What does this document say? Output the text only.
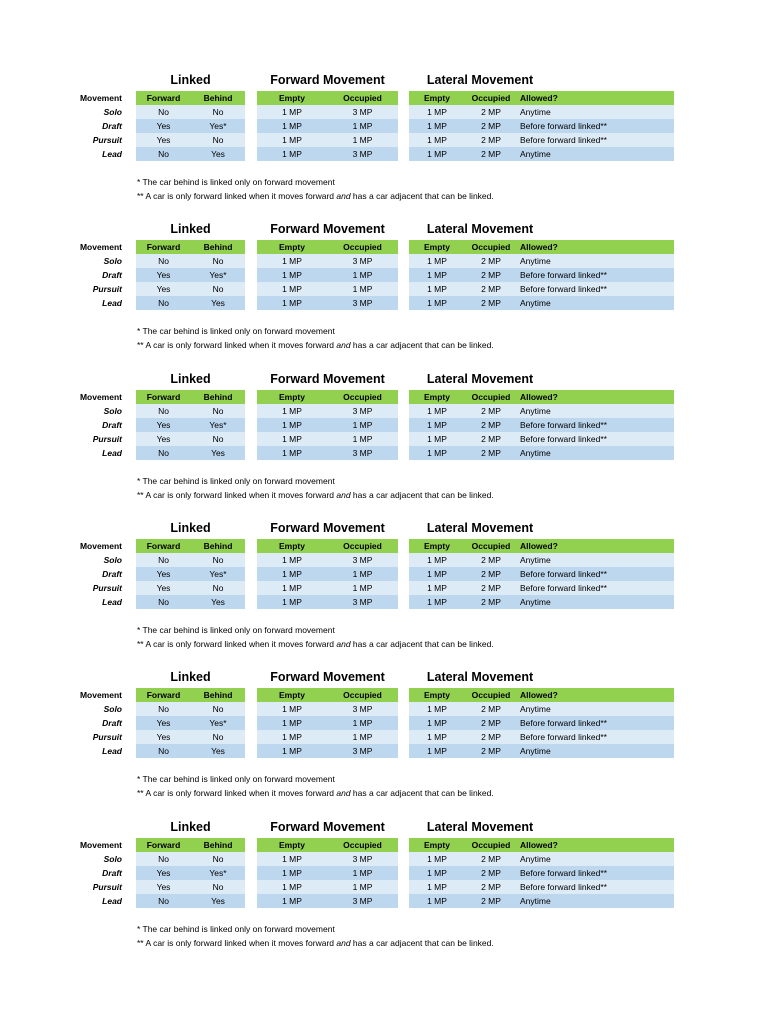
Linked	Forward Movement	Lateral Movement
Movement	Forward	Behind	Empty	Occupied	Empty	Occupied	Allowed?
Solo	No	No	1 MP	3 MP	1 MP	2 MP	Anytime
Draft	Yes	Yes*	1 MP	1 MP	1 MP	2 MP	Before forward linked**
Pursuit	Yes	No	1 MP	1 MP	1 MP	2 MP	Before forward linked**
Lead	No	Yes	1 MP	3 MP	1 MP	2 MP	Anytime
* The car behind is linked only on forward movement
** A car is only forward linked when it moves forward and has a car adjacent that can be linked.
Linked	Forward Movement	Lateral Movement
Movement	Forward	Behind	Empty	Occupied	Empty	Occupied	Allowed?
Solo	No	No	1 MP	3 MP	1 MP	2 MP	Anytime
Draft	Yes	Yes*	1 MP	1 MP	1 MP	2 MP	Before forward linked**
Pursuit	Yes	No	1 MP	1 MP	1 MP	2 MP	Before forward linked**
Lead	No	Yes	1 MP	3 MP	1 MP	2 MP	Anytime
* The car behind is linked only on forward movement
** A car is only forward linked when it moves forward and has a car adjacent that can be linked.
Linked	Forward Movement	Lateral Movement
Movement	Forward	Behind	Empty	Occupied	Empty	Occupied	Allowed?
Solo	No	No	1 MP	3 MP	1 MP	2 MP	Anytime
Draft	Yes	Yes*	1 MP	1 MP	1 MP	2 MP	Before forward linked**
Pursuit	Yes	No	1 MP	1 MP	1 MP	2 MP	Before forward linked**
Lead	No	Yes	1 MP	3 MP	1 MP	2 MP	Anytime
* The car behind is linked only on forward movement
** A car is only forward linked when it moves forward and has a car adjacent that can be linked.
Linked	Forward Movement	Lateral Movement
Movement	Forward	Behind	Empty	Occupied	Empty	Occupied	Allowed?
Solo	No	No	1 MP	3 MP	1 MP	2 MP	Anytime
Draft	Yes	Yes*	1 MP	1 MP	1 MP	2 MP	Before forward linked**
Pursuit	Yes	No	1 MP	1 MP	1 MP	2 MP	Before forward linked**
Lead	No	Yes	1 MP	3 MP	1 MP	2 MP	Anytime
* The car behind is linked only on forward movement
** A car is only forward linked when it moves forward and has a car adjacent that can be linked.
Linked	Forward Movement	Lateral Movement
Movement	Forward	Behind	Empty	Occupied	Empty	Occupied	Allowed?
Solo	No	No	1 MP	3 MP	1 MP	2 MP	Anytime
Draft	Yes	Yes*	1 MP	1 MP	1 MP	2 MP	Before forward linked**
Pursuit	Yes	No	1 MP	1 MP	1 MP	2 MP	Before forward linked**
Lead	No	Yes	1 MP	3 MP	1 MP	2 MP	Anytime
* The car behind is linked only on forward movement
** A car is only forward linked when it moves forward and has a car adjacent that can be linked.
Linked	Forward Movement	Lateral Movement
Movement	Forward	Behind	Empty	Occupied	Empty	Occupied	Allowed?
Solo	No	No	1 MP	3 MP	1 MP	2 MP	Anytime
Draft	Yes	Yes*	1 MP	1 MP	1 MP	2 MP	Before forward linked**
Pursuit	Yes	No	1 MP	1 MP	1 MP	2 MP	Before forward linked**
Lead	No	Yes	1 MP	3 MP	1 MP	2 MP	Anytime
* The car behind is linked only on forward movement
** A car is only forward linked when it moves forward and has a car adjacent that can be linked.
